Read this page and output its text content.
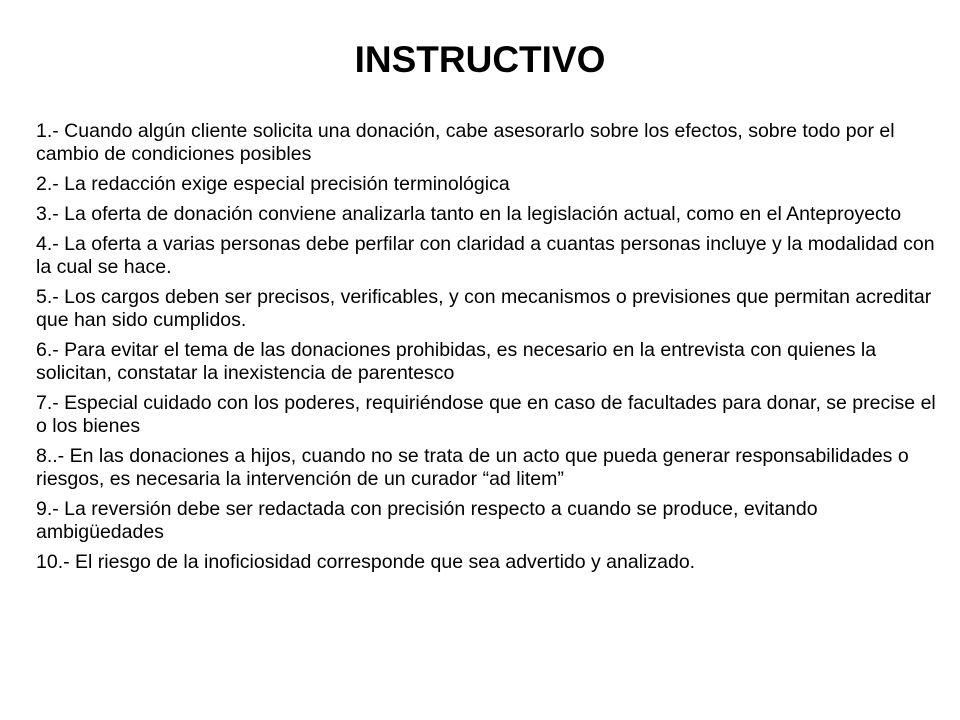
INSTRUCTIVO

1.- Cuando algún cliente solicita una donación, cabe asesorarlo sobre los efectos, sobre todo por el cambio de condiciones posibles

2.- La redacción exige especial precisión terminológica

3.- La oferta de donación conviene analizarla tanto en la legislación actual, como en el Anteproyecto

4.- La oferta a varias personas debe perfilar con claridad a cuantas personas incluye y la modalidad con la cual se hace.

5.- Los cargos deben ser precisos, verificables, y con mecanismos o previsiones que permitan acreditar que han sido cumplidos.

6.- Para evitar el tema de las donaciones prohibidas, es necesario en la entrevista con quienes la solicitan, constatar la inexistencia de parentesco

7.- Especial cuidado con los poderes, requiriéndose que en caso de facultades para donar, se precise el o los bienes

8..- En las donaciones a hijos, cuando no se trata de un acto que pueda generar responsabilidades o riesgos, es necesaria la intervención de un curador “ad litem”

9.- La reversión debe ser redactada con precisión respecto a cuando se produce, evitando ambigüedades

10.- El riesgo de la inoficiosidad corresponde que sea advertido y analizado.
